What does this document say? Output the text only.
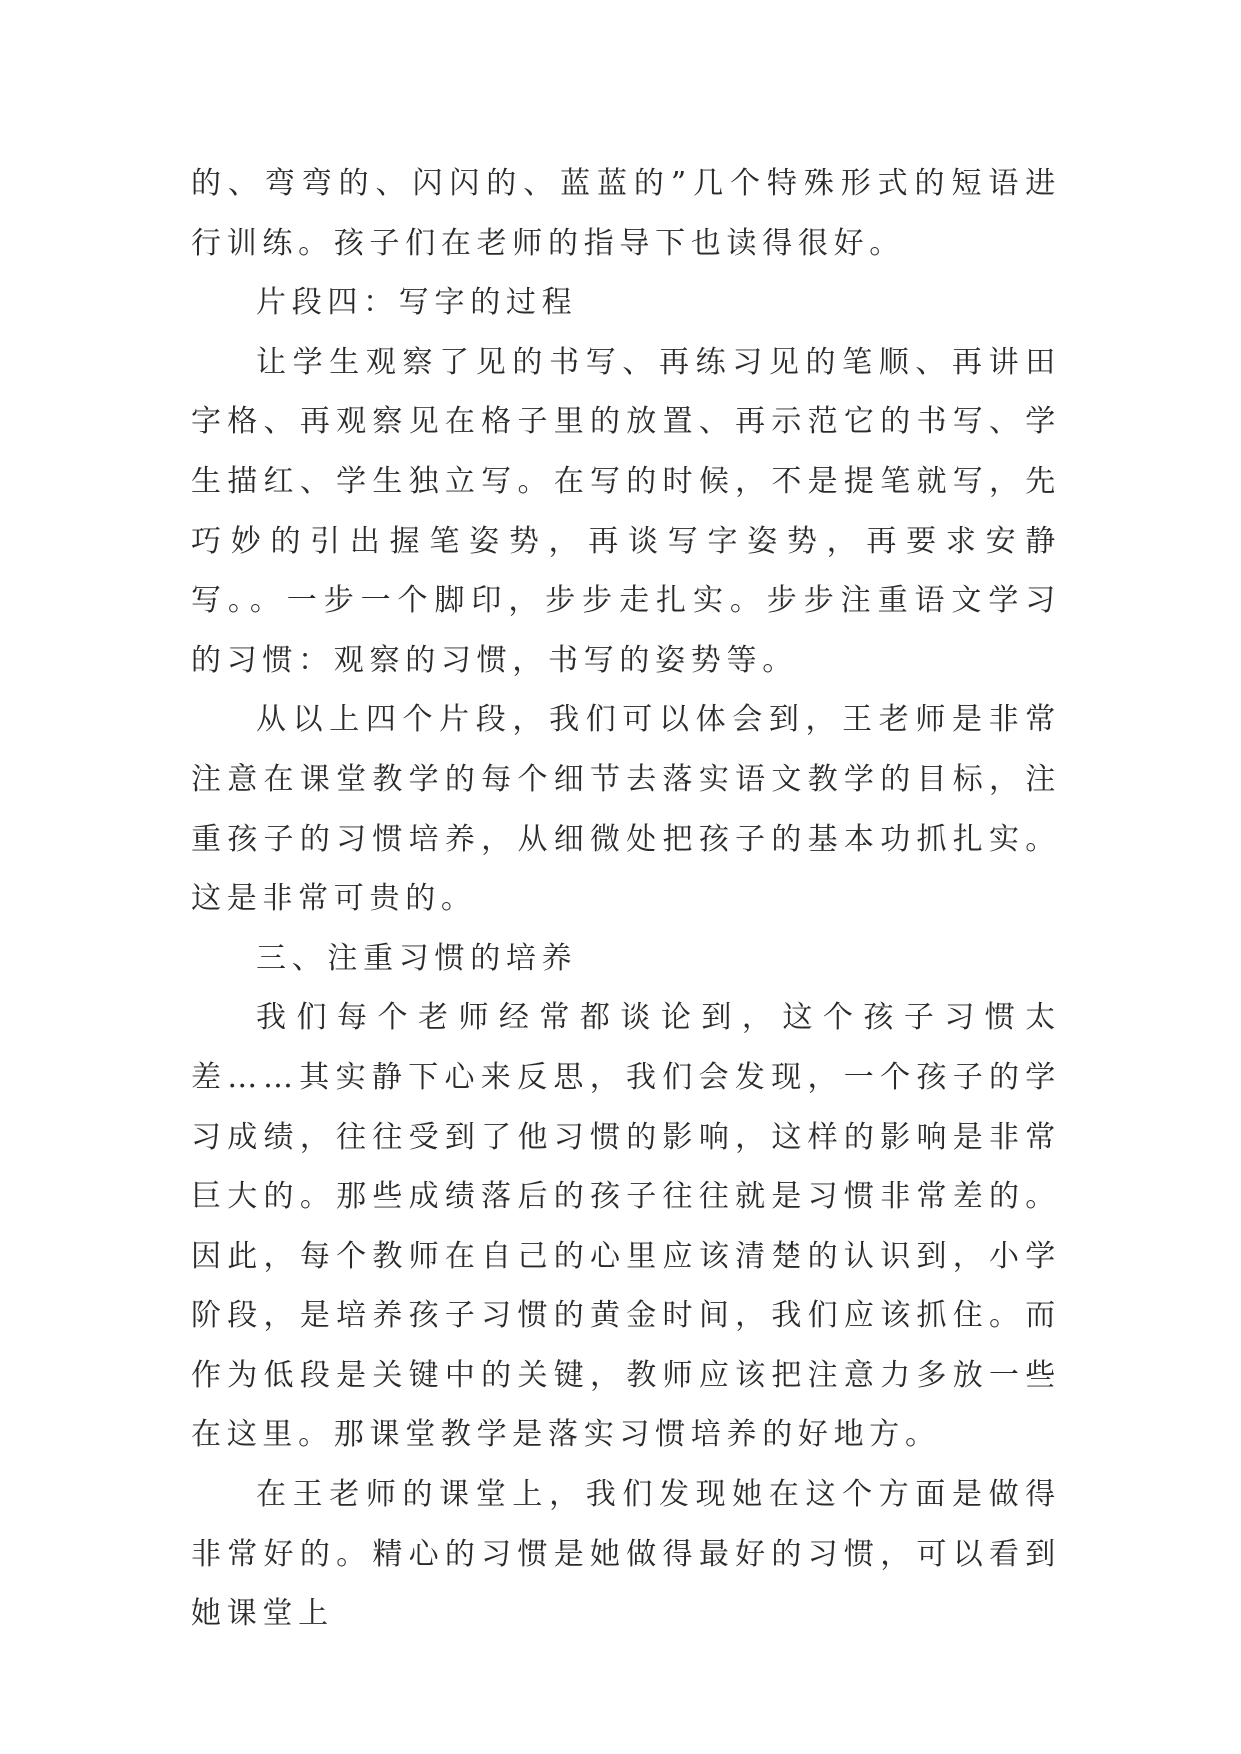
的、弯弯的、闪闪的、蓝蓝的”几个特殊形式的短语进行训练。孩子们在老师的指导下也读得很好。

片段四：写字的过程

让学生观察了见的书写、再练习见的笔顺、再讲田字格、再观察见在格子里的放置、再示范它的书写、学生描红、学生独立写。在写的时候，不是提笔就写，先巧妙的引出握笔姿势，再谈写字姿势，再要求安静写。。一步一个脚印，步步走扎实。步步注重语文学习的习惯：观察的习惯，书写的姿势等。

从以上四个片段，我们可以体会到，王老师是非常注意在课堂教学的每个细节去落实语文教学的目标，注重孩子的习惯培养，从细微处把孩子的基本功抓扎实。这是非常可贵的。

三、注重习惯的培养

我们每个老师经常都谈论到，这个孩子习惯太差……其实静下心来反思，我们会发现，一个孩子的学习成绩，往往受到了他习惯的影响，这样的影响是非常巨大的。那些成绩落后的孩子往往就是习惯非常差的。因此，每个教师在自己的心里应该清楚的认识到，小学阶段，是培养孩子习惯的黄金时间，我们应该抓住。而作为低段是关键中的关键，教师应该把注意力多放一些在这里。那课堂教学是落实习惯培养的好地方。

在王老师的课堂上，我们发现她在这个方面是做得非常好的。精心的习惯是她做得最好的习惯，可以看到她课堂上
